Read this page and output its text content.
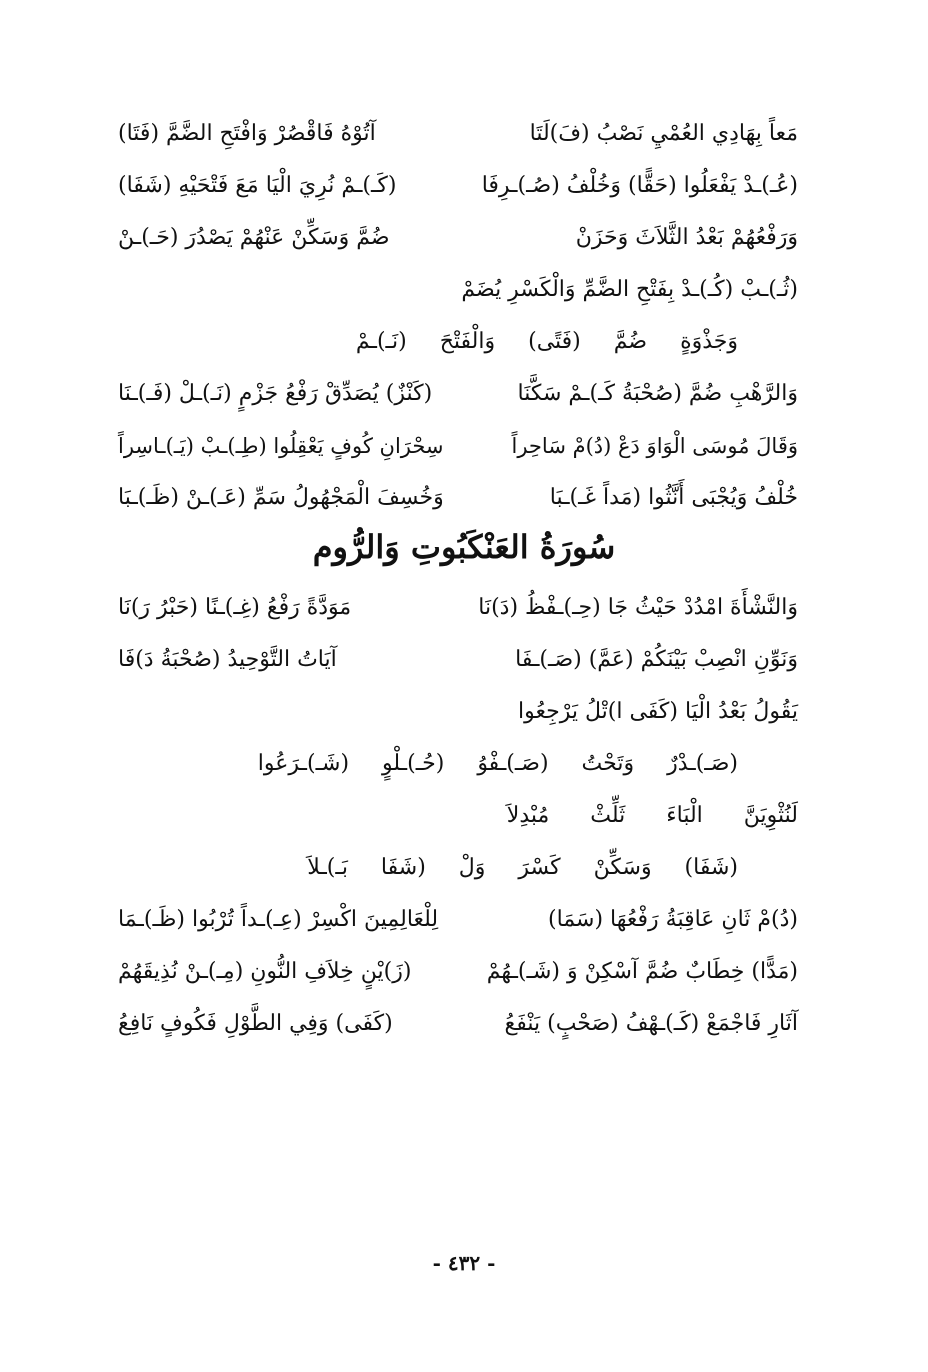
مَعاً بِهَادِي العُمْيِ نَصْبُ (فَ)لَتَا
آتُوْهُ فَاقْصُرْ وَافْتَحِ الضَّمَّ (فَتَا)
(عُـ)ـدْ يَفْعَلُوا (حَقًّا) وَخُلْفُ (صُـ)ـرِفَا
(كَـ)ـمْ نُرِيَ الْيَا مَعَ فَتْحَيْهِ (شَفَا)
وَرَفْعُهُمْ بَعْدُ الثَّلاَثَ وَحَزَنْ
ضُمَّ وَسَكِّنْ عَنْهُمْ يَصْدُرَ (حَـ)ـنْ
(ثُـ)ـبْ (كُـ)ـدْ بِفَتْحِ الضَّمِّ وَالْكَسْرِ يُضَمْ
وَجَذْوَةٍ ضُمَّ (فَتًى) وَالْفَتْحَ (نَـ)ـمْ
وَالرَّهْبِ ضُمَّ (صُحْبَةُ كَـ)ـمْ سَكَّنَا
(كَنْزٌ) يُصَدِّقْ رَفْعُ جَزْمٍ (نَـ)ـلْ (فَـ)ـنَا
وَقَالَ مُوسَى الْوَاوَ دَعْ (دُ)مْ سَاحِراً
سِحْرَانِ كُوفٍ يَعْقِلُوا (طِـ)ـبْ (يَـ)ـاسِراً
خُلْفُ وَيُجْبَى أَنَّثُوا (مَداً غَـ)ـبَا
وَخُسِفَ الْمَجْهُولُ سَمِّ (عَـ)ـنْ (ظَـ)ـبَا
سُورَةُ العَنْكَبُوتِ وَالرُّوم
وَالنَّشْأَةَ امْدُدْ حَيْثُ جَا (حِـ)ـفْظُ (دَ)نَا
مَوَدَّةً رَفْعُ (غِـ)ـنًا (حَبْرُ رَ)نَا
وَنَوِّنِ انْصِبْ بَيْنَكُمْ (عَمَّ) (صَـ)ـفَا
آيَاتُ التَّوْحِيدُ (صُحْبَةُ دَ)فَا
يَقُولُ بَعْدُ الْيَا (كَفَى ا)تْلُ يَرْجِعُوا
(صَـ)ـدْرٌ وَتَحْتُ (صَـ)ـفْوُ (حُـ)ـلْوٍ (شَـ)ـرَعُوا
لَنُثْوِيَنَّ الْبَاءَ ثَلِّثْ مُبْدِلاَ
(شَفَا) وَسَكِّنْ كَسْرَ وَلْ (شَفَا بَـ)ـلاَ
(دُ)مْ ثَانِ عَاقِبَةُ رَفْعُهَا (سَمَا)
لِلْعَالِمِينَ اكْسِرْ (عِـ)ـداً تُرْبُوا (ظَـ)ـمَا
(مَدًّا) خِطَابٌ ضُمَّ آسْكِنْ وَ (شَـ)ـهُمْ
(زَ)يْنٍ خِلاَفِ النُّونِ (مِـ)ـنْ نُذِيقَهُمْ
آثَارِ فَاجْمَعْ (كَـ)ـهْفُ (صَحْبٍ) يَنْفَعُ
(كَفَى) وَفِي الطَّوْلِ فَكُوفٍ نَافِعُ
- ٤٣٢ -
